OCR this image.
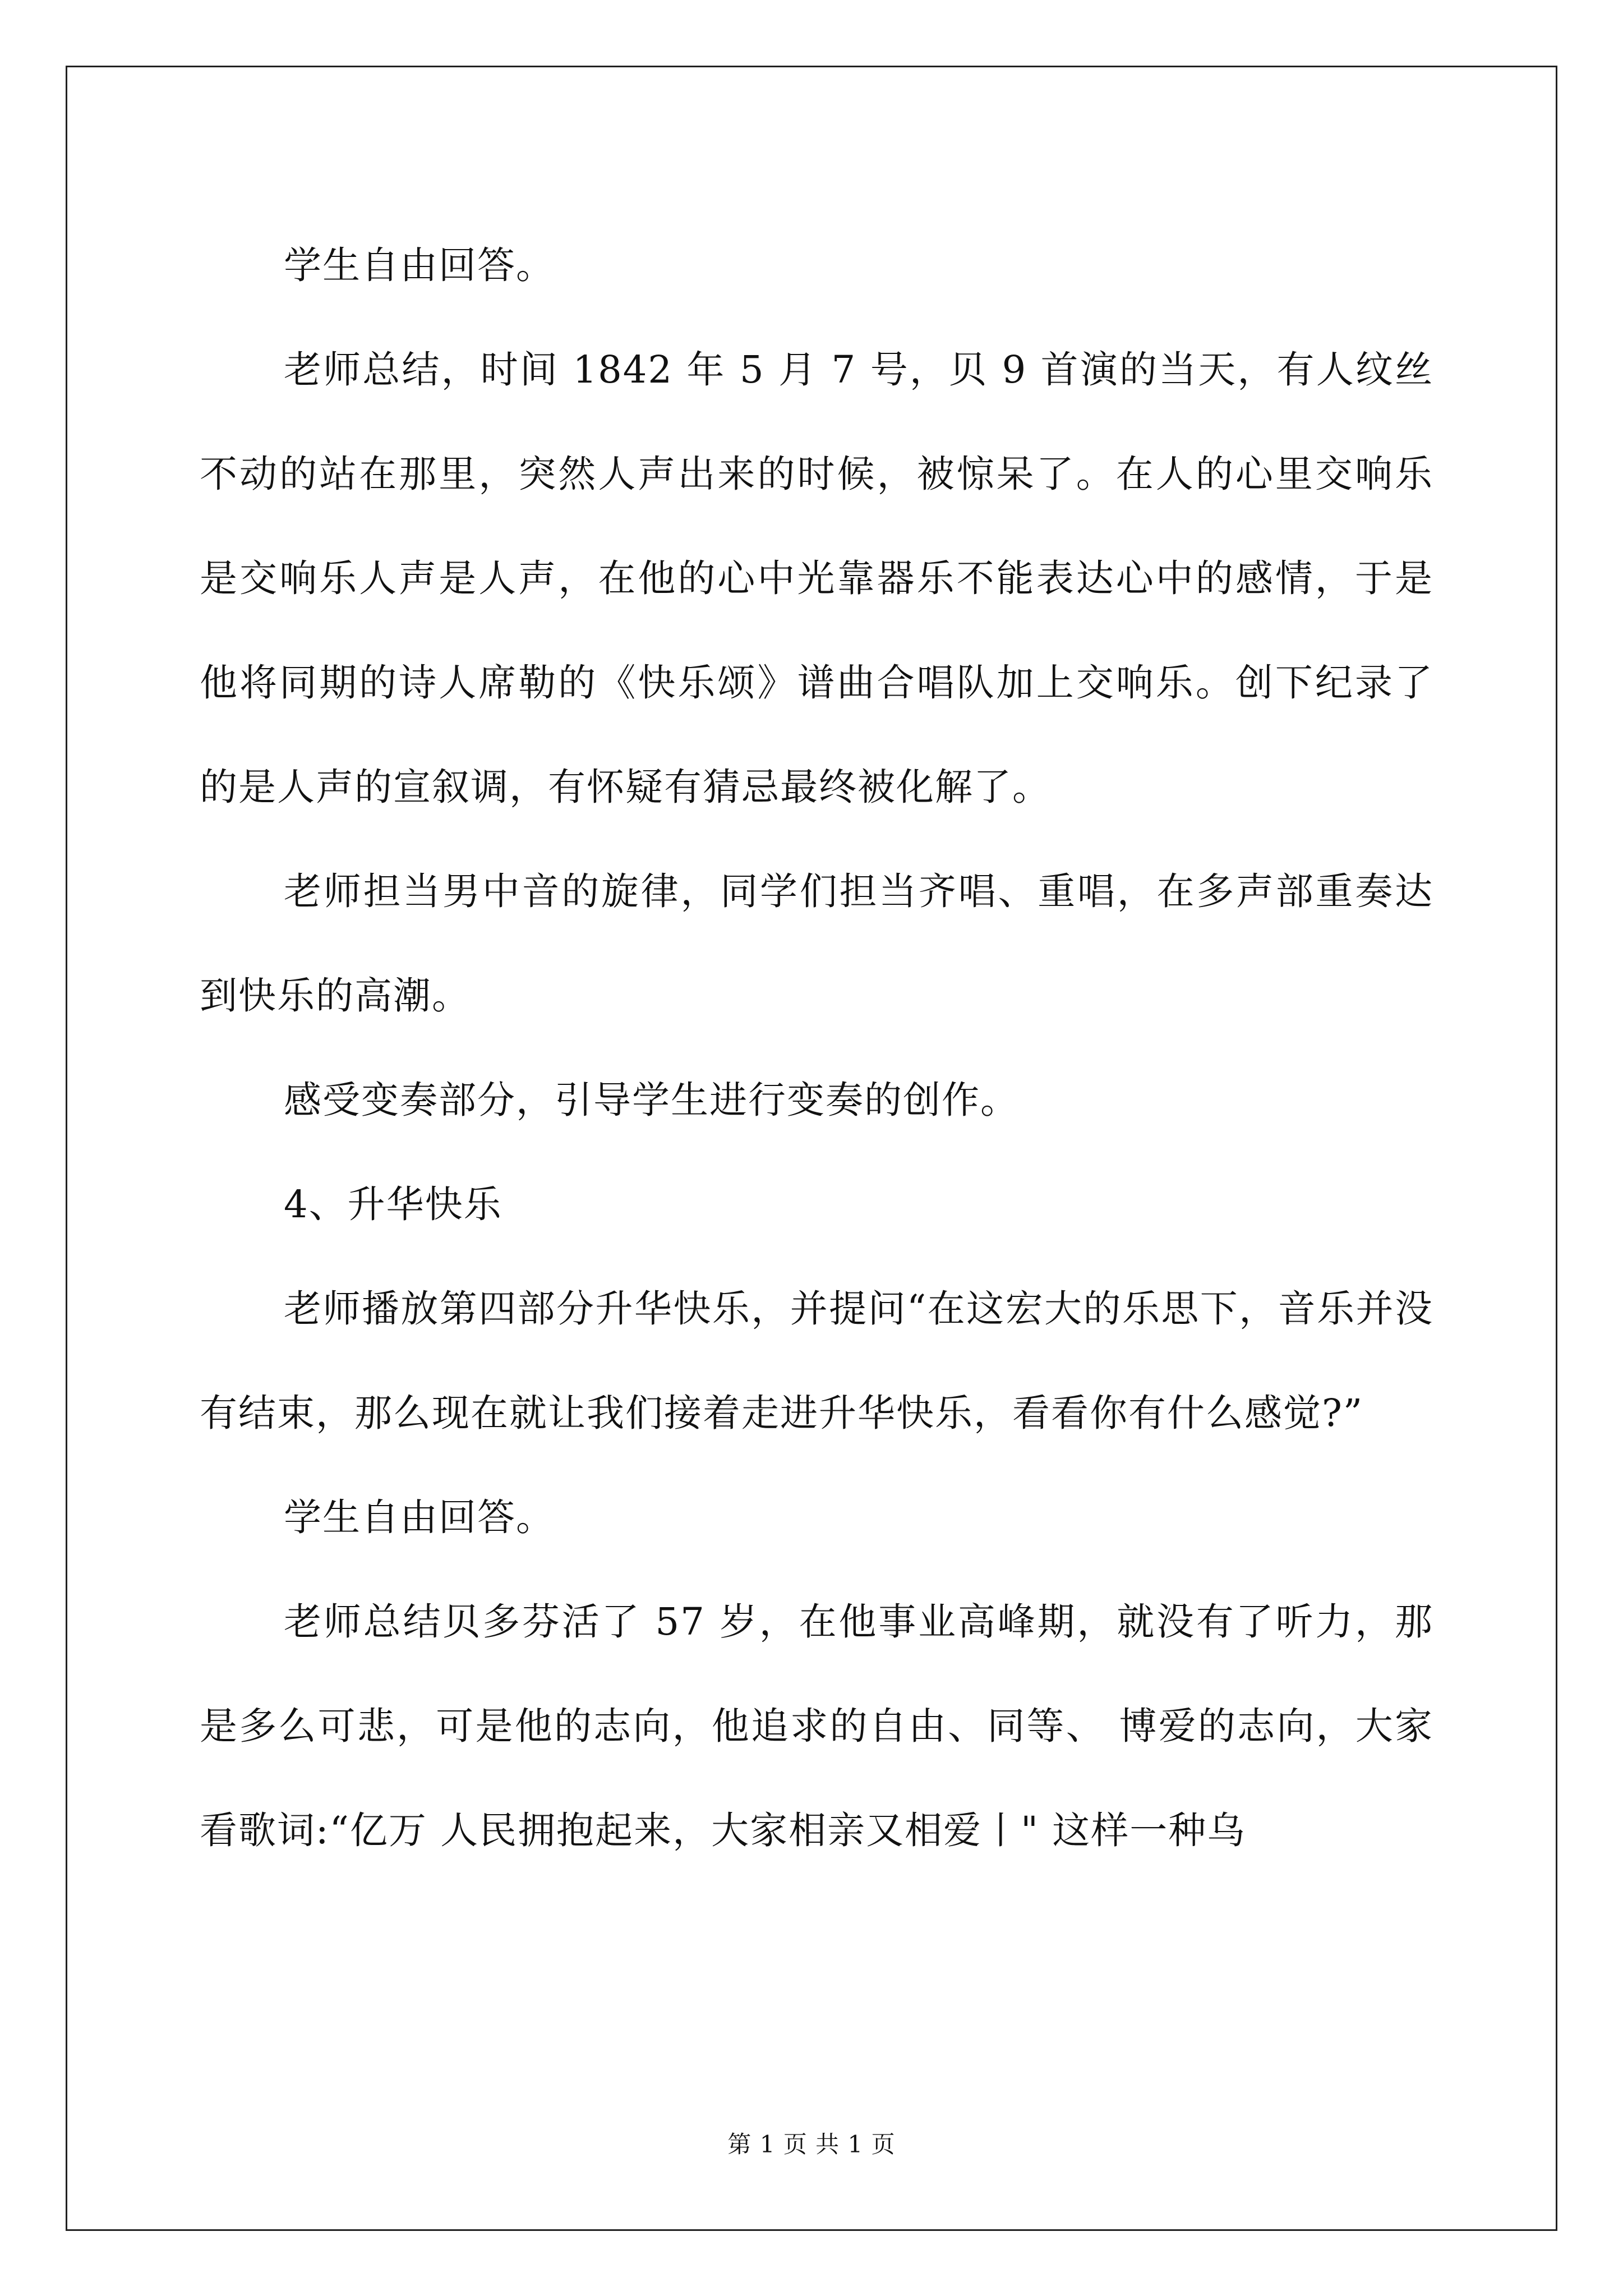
学生自由回答。

老师总结，时间 1842 年 5 月 7 号，贝 9 首演的当天，有人纹丝不动的站在那里，突然人声出来的时候，被惊呆了。在人的心里交响乐是交响乐人声是人声，在他的心中光靠器乐不能表达心中的感情，于是他将同期的诗人席勒的《快乐颂》谱曲合唱队加上交响乐。创下纪录了的是人声的宣叙调，有怀疑有猜忌最终被化解了。

老师担当男中音的旋律，同学们担当齐唱、重唱，在多声部重奏达到快乐的高潮。

感受变奏部分，引导学生进行变奏的创作。

4、升华快乐

老师播放第四部分升华快乐，并提问“在这宏大的乐思下，音乐并没有结束，那么现在就让我们接着走进升华快乐，看看你有什么感觉?”

学生自由回答。

老师总结贝多芬活了 57 岁，在他事业高峰期，就没有了听力，那是多么可悲，可是他的志向，他追求的自由、同等、 博爱的志向，大家看歌词:“亿万 人民拥抱起来，大家相亲又相爱丨" 这样一种乌

第 1 页 共 1 页
